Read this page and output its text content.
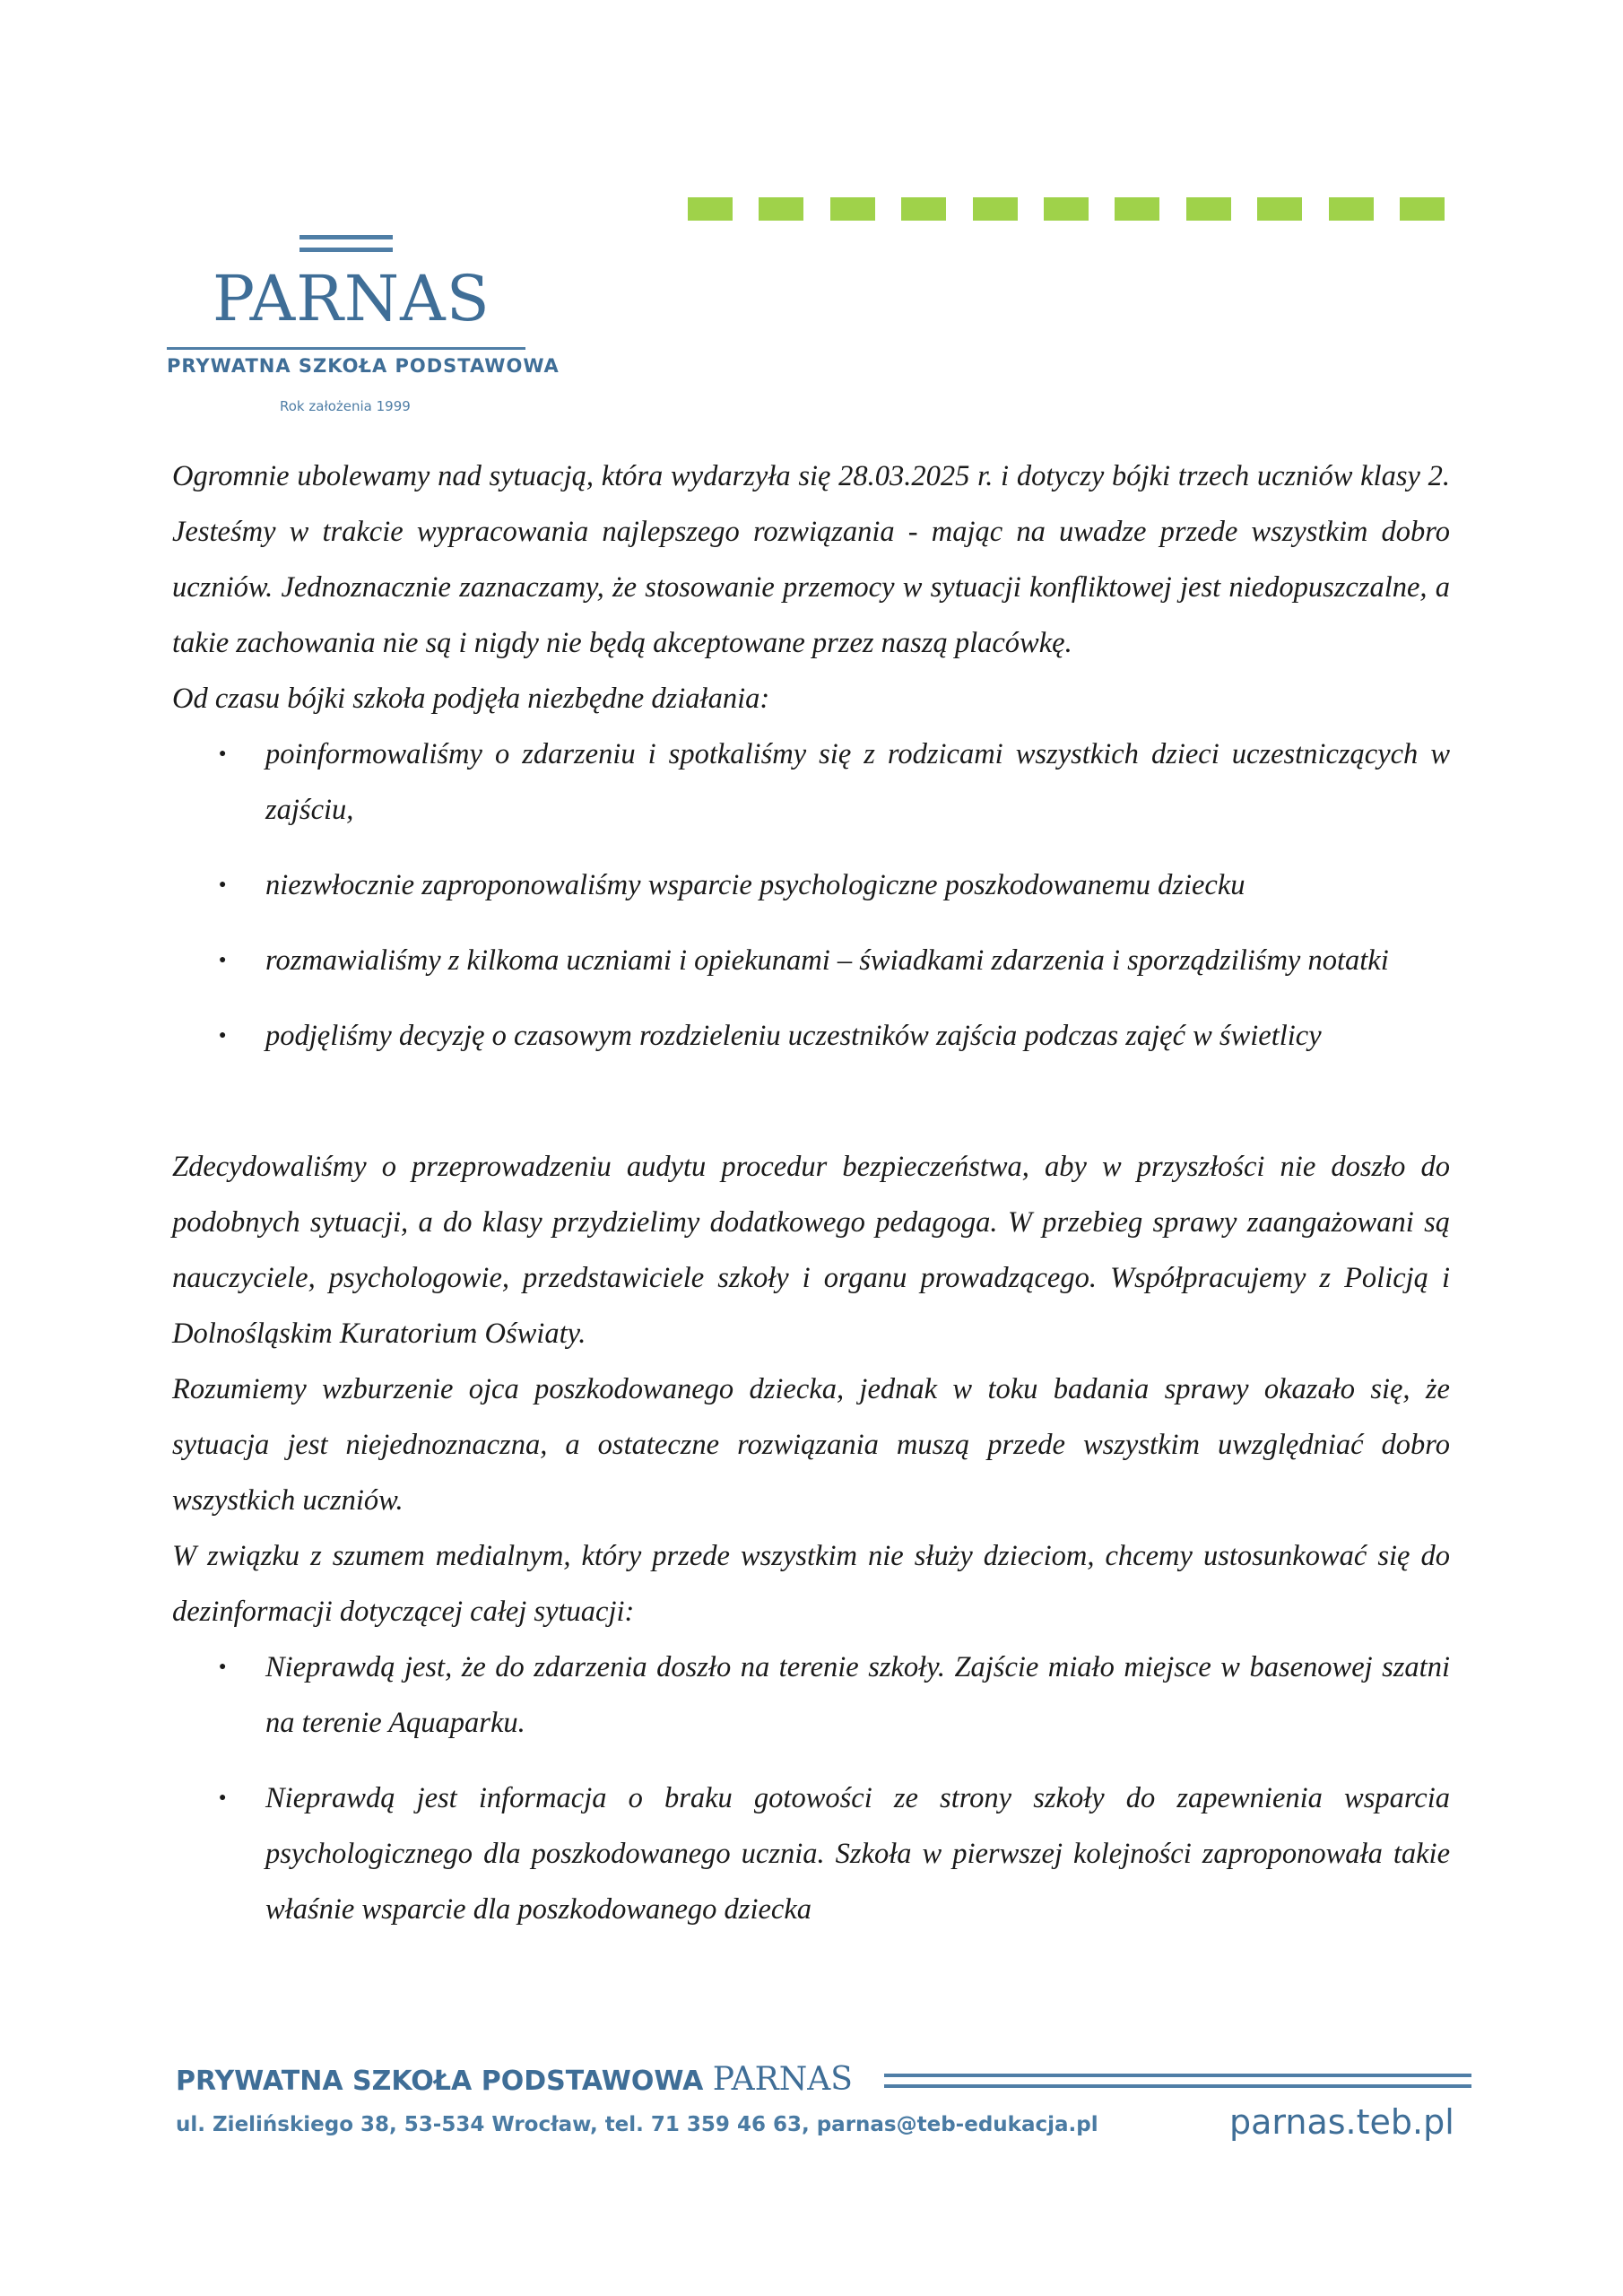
PARNAS
PRYWATNA SZKOŁA PODSTAWOWA
Rok założenia 1999

Ogromnie ubolewamy nad sytuacją, która wydarzyła się 28.03.2025 r. i dotyczy bójki trzech uczniów klasy 2. Jesteśmy w trakcie wypracowania najlepszego rozwiązania - mając na uwadze przede wszystkim dobro uczniów. Jednoznacznie zaznaczamy, że stosowanie przemocy w sytuacji konfliktowej jest niedopuszczalne, a takie zachowania nie są i nigdy nie będą akceptowane przez naszą placówkę.

Od czasu bójki szkoła podjęła niezbędne działania:

● poinformowaliśmy o zdarzeniu i spotkaliśmy się z rodzicami wszystkich dzieci uczestniczących w zajściu,
● niezwłocznie zaproponowaliśmy wsparcie psychologiczne poszkodowanemu dziecku
● rozmawialiśmy z kilkoma uczniami i opiekunami – świadkami zdarzenia i sporządziliśmy notatki
● podjęliśmy decyzję o czasowym rozdzieleniu uczestników zajścia podczas zajęć w świetlicy

Zdecydowaliśmy o przeprowadzeniu audytu procedur bezpieczeństwa, aby w przyszłości nie doszło do podobnych sytuacji, a do klasy przydzielimy dodatkowego pedagoga. W przebieg sprawy zaangażowani są nauczyciele, psychologowie, przedstawiciele szkoły i organu prowadzącego. Współpracujemy z Policją i Dolnośląskim Kuratorium Oświaty.

Rozumiemy wzburzenie ojca poszkodowanego dziecka, jednak w toku badania sprawy okazało się, że sytuacja jest niejednoznaczna, a ostateczne rozwiązania muszą przede wszystkim uwzględniać dobro wszystkich uczniów.

W związku z szumem medialnym, który przede wszystkim nie służy dzieciom, chcemy ustosunkować się do dezinformacji dotyczącej całej sytuacji:

● Nieprawdą jest, że do zdarzenia doszło na terenie szkoły. Zajście miało miejsce w basenowej szatni na terenie Aquaparku.
● Nieprawdą jest informacja o braku gotowości ze strony szkoły do zapewnienia wsparcia psychologicznego dla poszkodowanego ucznia. Szkoła w pierwszej kolejności zaproponowała takie właśnie wsparcie dla poszkodowanego dziecka
PRYWATNA SZKOŁA PODSTAWOWA PARNAS
ul. Zielińskiego 38, 53-534 Wrocław, tel. 71 359 46 63, parnas@teb-edukacja.pl	parnas.teb.pl
